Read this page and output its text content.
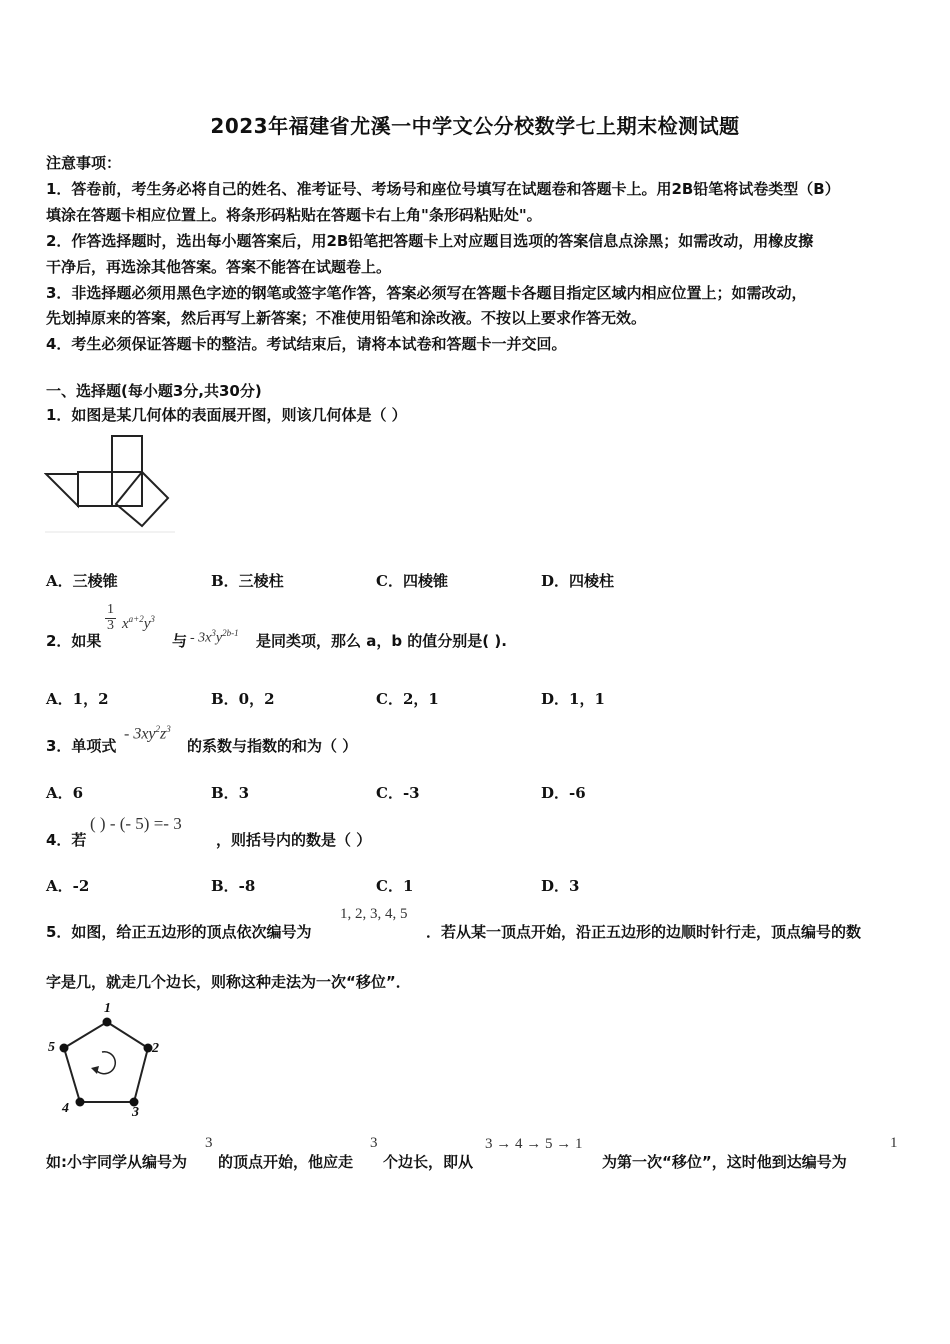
2023年福建省尤溪一中学文公分校数学七上期末检测试题
注意事项：
1．答卷前，考生务必将自己的姓名、准考证号、考场号和座位号填写在试题卷和答题卡上。用2B铅笔将试卷类型（B）
填涂在答题卡相应位置上。将条形码粘贴在答题卡右上角"条形码粘贴处"。
2．作答选择题时，选出每小题答案后，用2B铅笔把答题卡上对应题目选项的答案信息点涂黑；如需改动，用橡皮擦
干净后，再选涂其他答案。答案不能答在试题卷上。
3．非选择题必须用黑色字迹的钢笔或签字笔作答，答案必须写在答题卡各题目指定区域内相应位置上；如需改动，
先划掉原来的答案，然后再写上新答案；不准使用铅笔和涂改液。不按以上要求作答无效。
4．考生必须保证答题卡的整洁。考试结束后，请将本试卷和答题卡一并交回。
一、选择题(每小题3分,共30分)
1．如图是某几何体的表面展开图，则该几何体是（ ）
A．三棱锥	B．三棱柱	C．四棱锥	D．四棱柱
2．如果
$\frac{1}{3} x^{a+2}y^3$
与 - $3x^3y^{2b-1}$ 是同类项，那么 a，b 的值分别是( ).
A．1，2	B．0，2	C．2，1	D．1，1
3．单项式
- $3xy^2z^3$
的系数与指数的和为（ ）
A．6	B．3	C．-3	D．-6
4．若
( ) - (- 5) =- 3
，则括号内的数是（ ）
A．-2	B．-8	C．1	D．3
5．如图，给正五边形的顶点依次编号为
1, 2, 3, 4, 5
．若从某一顶点开始，沿正五边形的边顺时针行走，顶点编号的数
字是几，就走几个边长，则称这种走法为一次“移位”．
1
2
3
4
5
如:小宇同学从编号为
3
的顶点开始，他应走
3
个边长，即从
3 → 4 → 5 → 1
为第一次“移位”，这时他到达编号为
1
